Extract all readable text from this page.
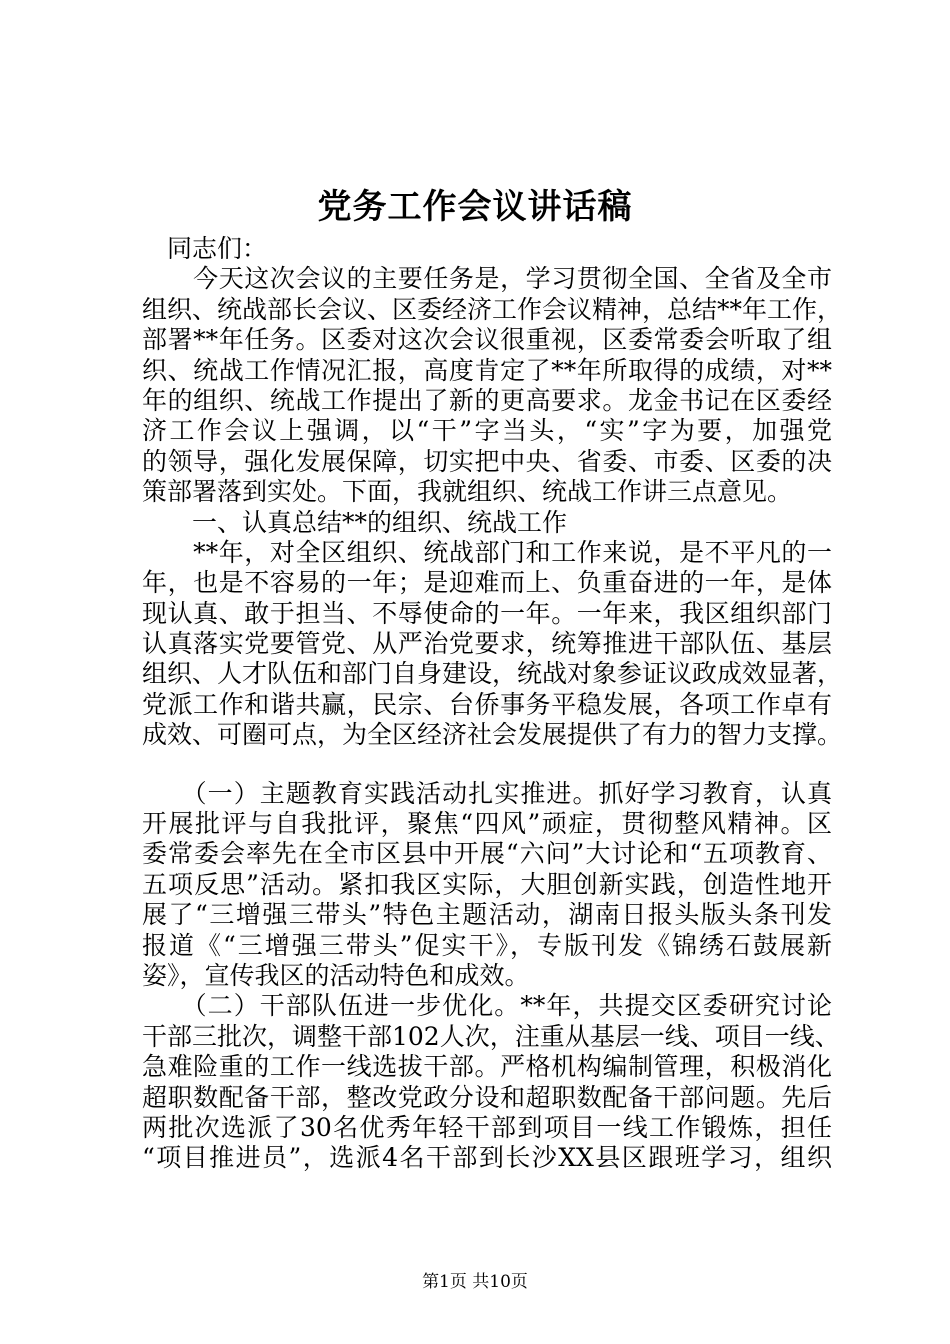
党务工作会议讲话稿
　同志们：
　　今天这次会议的主要任务是，学习贯彻全国、全省及全市
组织、统战部长会议、区委经济工作会议精神，总结**年工作，
部署**年任务。区委对这次会议很重视，区委常委会听取了组
织、统战工作情况汇报，高度肯定了**年所取得的成绩，对**
年的组织、统战工作提出了新的更高要求。龙金书记在区委经
济工作会议上强调，以“干”字当头，“实”字为要，加强党
的领导，强化发展保障，切实把中央、省委、市委、区委的决
策部署落到实处。下面，我就组织、统战工作讲三点意见。
　　一、认真总结**的组织、统战工作
　　**年，对全区组织、统战部门和工作来说，是不平凡的一
年，也是不容易的一年；是迎难而上、负重奋进的一年，是体
现认真、敢于担当、不辱使命的一年。一年来，我区组织部门
认真落实党要管党、从严治党要求，统筹推进干部队伍、基层
组织、人才队伍和部门自身建设，统战对象参证议政成效显著，
党派工作和谐共赢，民宗、台侨事务平稳发展，各项工作卓有
成效、可圈可点，为全区经济社会发展提供了有力的智力支撑。
　　（一）主题教育实践活动扎实推进。抓好学习教育，认真
开展批评与自我批评，聚焦“四风”顽症，贯彻整风精神。区
委常委会率先在全市区县中开展“六问”大讨论和“五项教育、
五项反思”活动。紧扣我区实际，大胆创新实践，创造性地开
展了“三增强三带头”特色主题活动，湖南日报头版头条刊发
报道《“三增强三带头”促实干》，专版刊发《锦绣石鼓展新
姿》，宣传我区的活动特色和成效。
　　（二）干部队伍进一步优化。**年，共提交区委研究讨论
干部三批次，调整干部102人次，注重从基层一线、项目一线、
急难险重的工作一线选拔干部。严格机构编制管理，积极消化
超职数配备干部，整改党政分设和超职数配备干部问题。先后
两批次选派了30名优秀年轻干部到项目一线工作锻炼，担任
“项目推进员”，选派4名干部到长沙XX县区跟班学习，组织
第1页 共10页
